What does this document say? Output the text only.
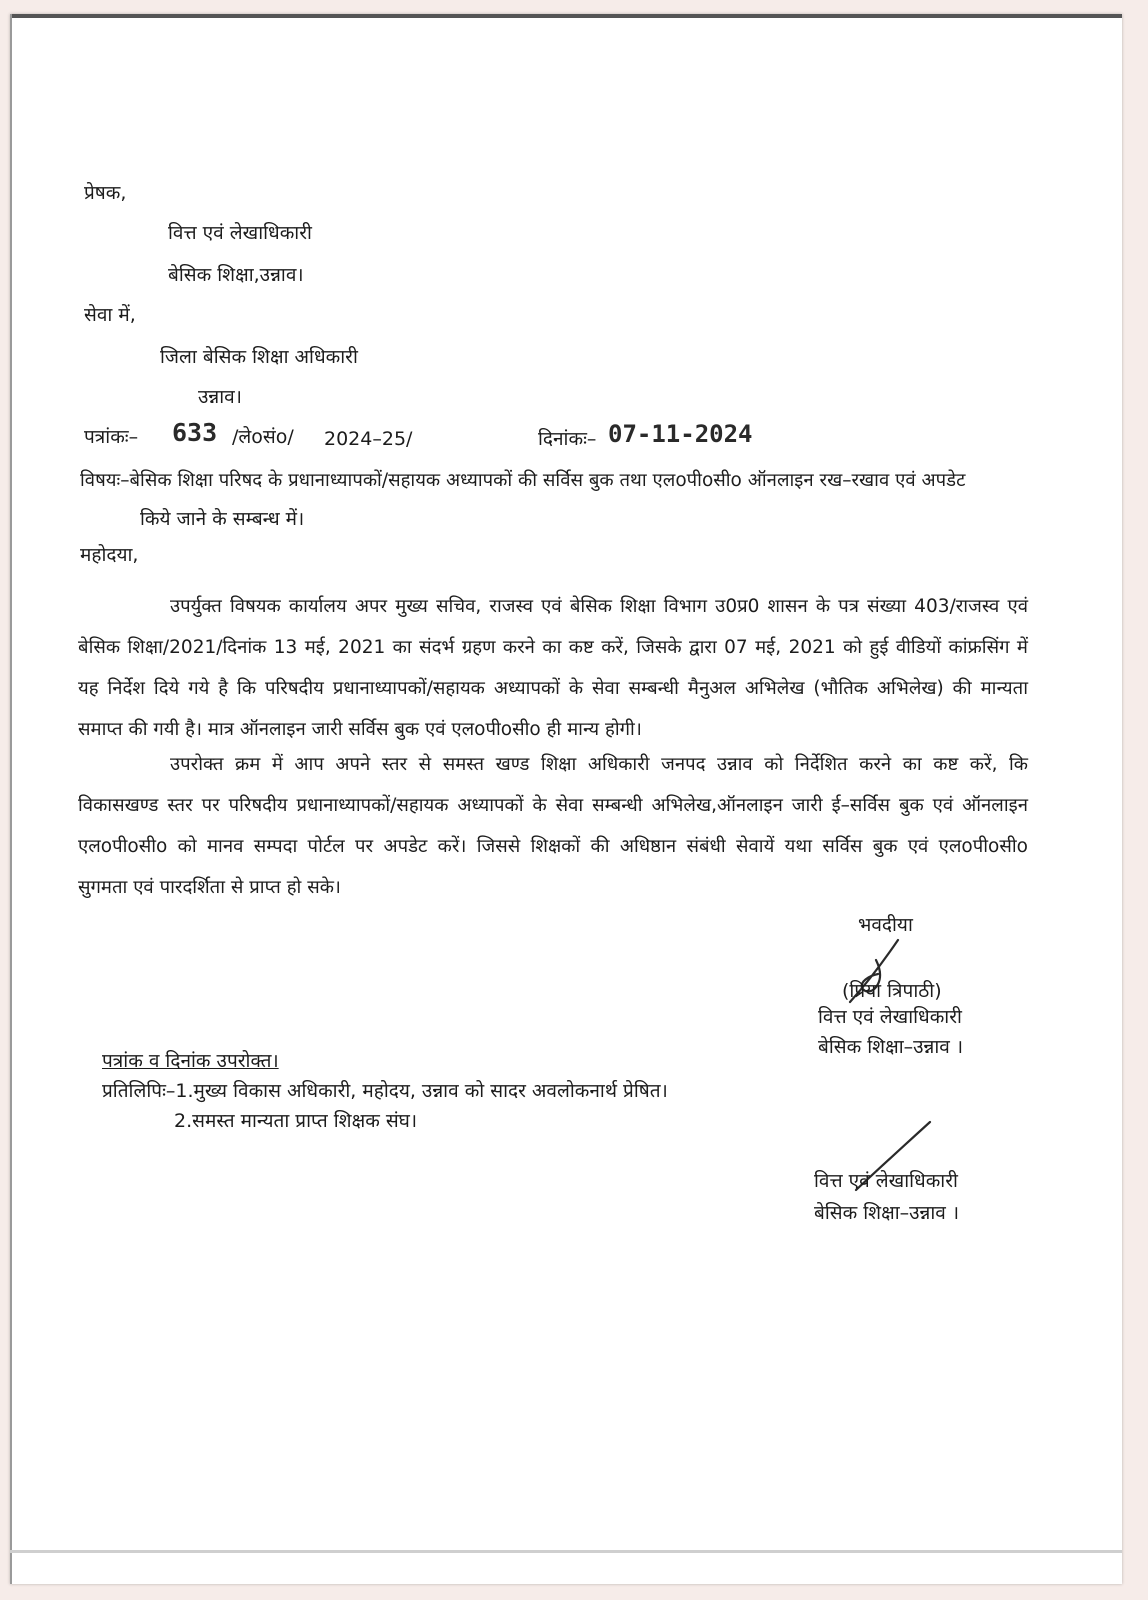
प्रेषक,
वित्त एवं लेखाधिकारी
बेसिक शिक्षा,उन्नाव।
सेवा में,
जिला बेसिक शिक्षा अधिकारी
उन्नाव।
पत्रांकः– 633 /लेoसंo/ 2024–25/	दिनांकः– 07-11-2024
विषयः–बेसिक शिक्षा परिषद के प्रधानाध्यापकों/सहायक अध्यापकों की सर्विस बुक तथा एलoपीoसीo ऑनलाइन रख–रखाव एवं अपडेट
किये जाने के सम्बन्ध में।
महोदया,
उपर्युक्त विषयक कार्यालय अपर मुख्य सचिव, राजस्व एवं बेसिक शिक्षा विभाग उ0प्र0 शासन के पत्र संख्या 403/राजस्व एवं
बेसिक शिक्षा/2021/दिनांक 13 मई, 2021 का संदर्भ ग्रहण करने का कष्ट करें, जिसके द्वारा 07 मई, 2021 को हुई वीडियों कांफ्रसिंग में
यह निर्देश दिये गये है कि परिषदीय प्रधानाध्यापकों/सहायक अध्यापकों के सेवा सम्बन्धी मैनुअल अभिलेख (भौतिक अभिलेख) की मान्यता
समाप्त की गयी है। मात्र ऑनलाइन जारी सर्विस बुक एवं एलoपीoसीo ही मान्य होगी।
उपरोक्त क्रम में आप अपने स्तर से समस्त खण्ड शिक्षा अधिकारी जनपद उन्नाव को निर्देशित करने का कष्ट करें, कि
विकासखण्ड स्तर पर परिषदीय प्रधानाध्यापकों/सहायक अध्यापकों के सेवा सम्बन्धी अभिलेख,ऑनलाइन जारी ई–सर्विस बुक एवं ऑनलाइन
एलoपीoसीo को मानव सम्पदा पोर्टल पर अपडेट करें। जिससे शिक्षकों की अधिष्ठान संबंधी सेवायें यथा सर्विस बुक एवं एलoपीoसीo
सुगमता एवं पारदर्शिता से प्राप्त हो सके।
भवदीया
(प्रिया त्रिपाठी)
वित्त एवं लेखाधिकारी
बेसिक शिक्षा–उन्नाव ।
पत्रांक व दिनांक उपरोक्त।
प्रतिलिपिः–1.मुख्य विकास अधिकारी, महोदय, उन्नाव को सादर अवलोकनार्थ प्रेषित।
2.समस्त मान्यता प्राप्त शिक्षक संघ।
वित्त एवं लेखाधिकारी
बेसिक शिक्षा–उन्नाव ।
